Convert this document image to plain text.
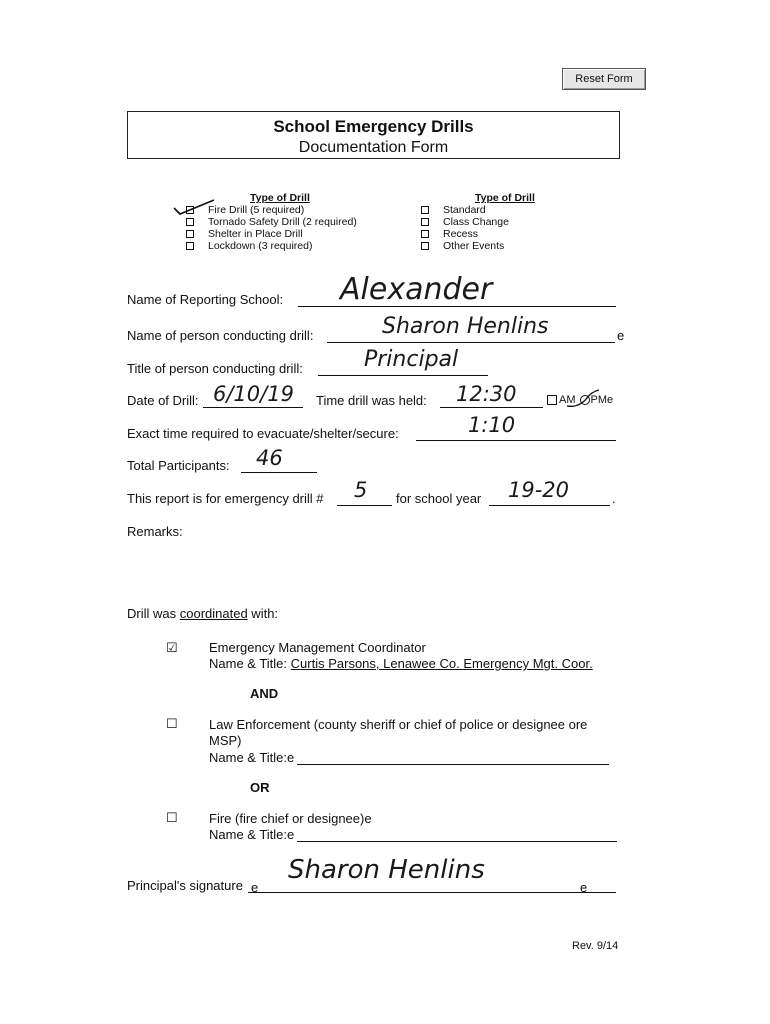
Reset Form
School Emergency Drills
Documentation Form
Type of Drill
Fire Drill (5 required)
Tornado Safety Drill (2 required)
Shelter in Place Drill
Lockdown (3 required)
Type of Drill
Standard
Class Change
Recess
Other Events
Name of Reporting School: Alexander
Name of person conducting drill:	Sharon Henlins	e
Title of person conducting drill:	Principal
Date of Drill: 6/10/19 Time drill was held: 12:30	AM PM e
Exact time required to evacuate/shelter/secure:	1:10
Total Participants: 46
This report is for emergency drill # 5 for school year 19-20	.
Remarks:
Drill was coordinated with:
☑ Emergency Management Coordinator
Name & Title: Curtis Parsons, Lenawee Co. Emergency Mgt. Coor.
AND
☐ Law Enforcement (county sheriff or chief of police or designee ore
MSP)
Name & Title:e
OR
☐ Fire (fire chief or designee)e
Name & Title:e
Principal's signature e
Sharon Henlins
e
Rev. 9/14
